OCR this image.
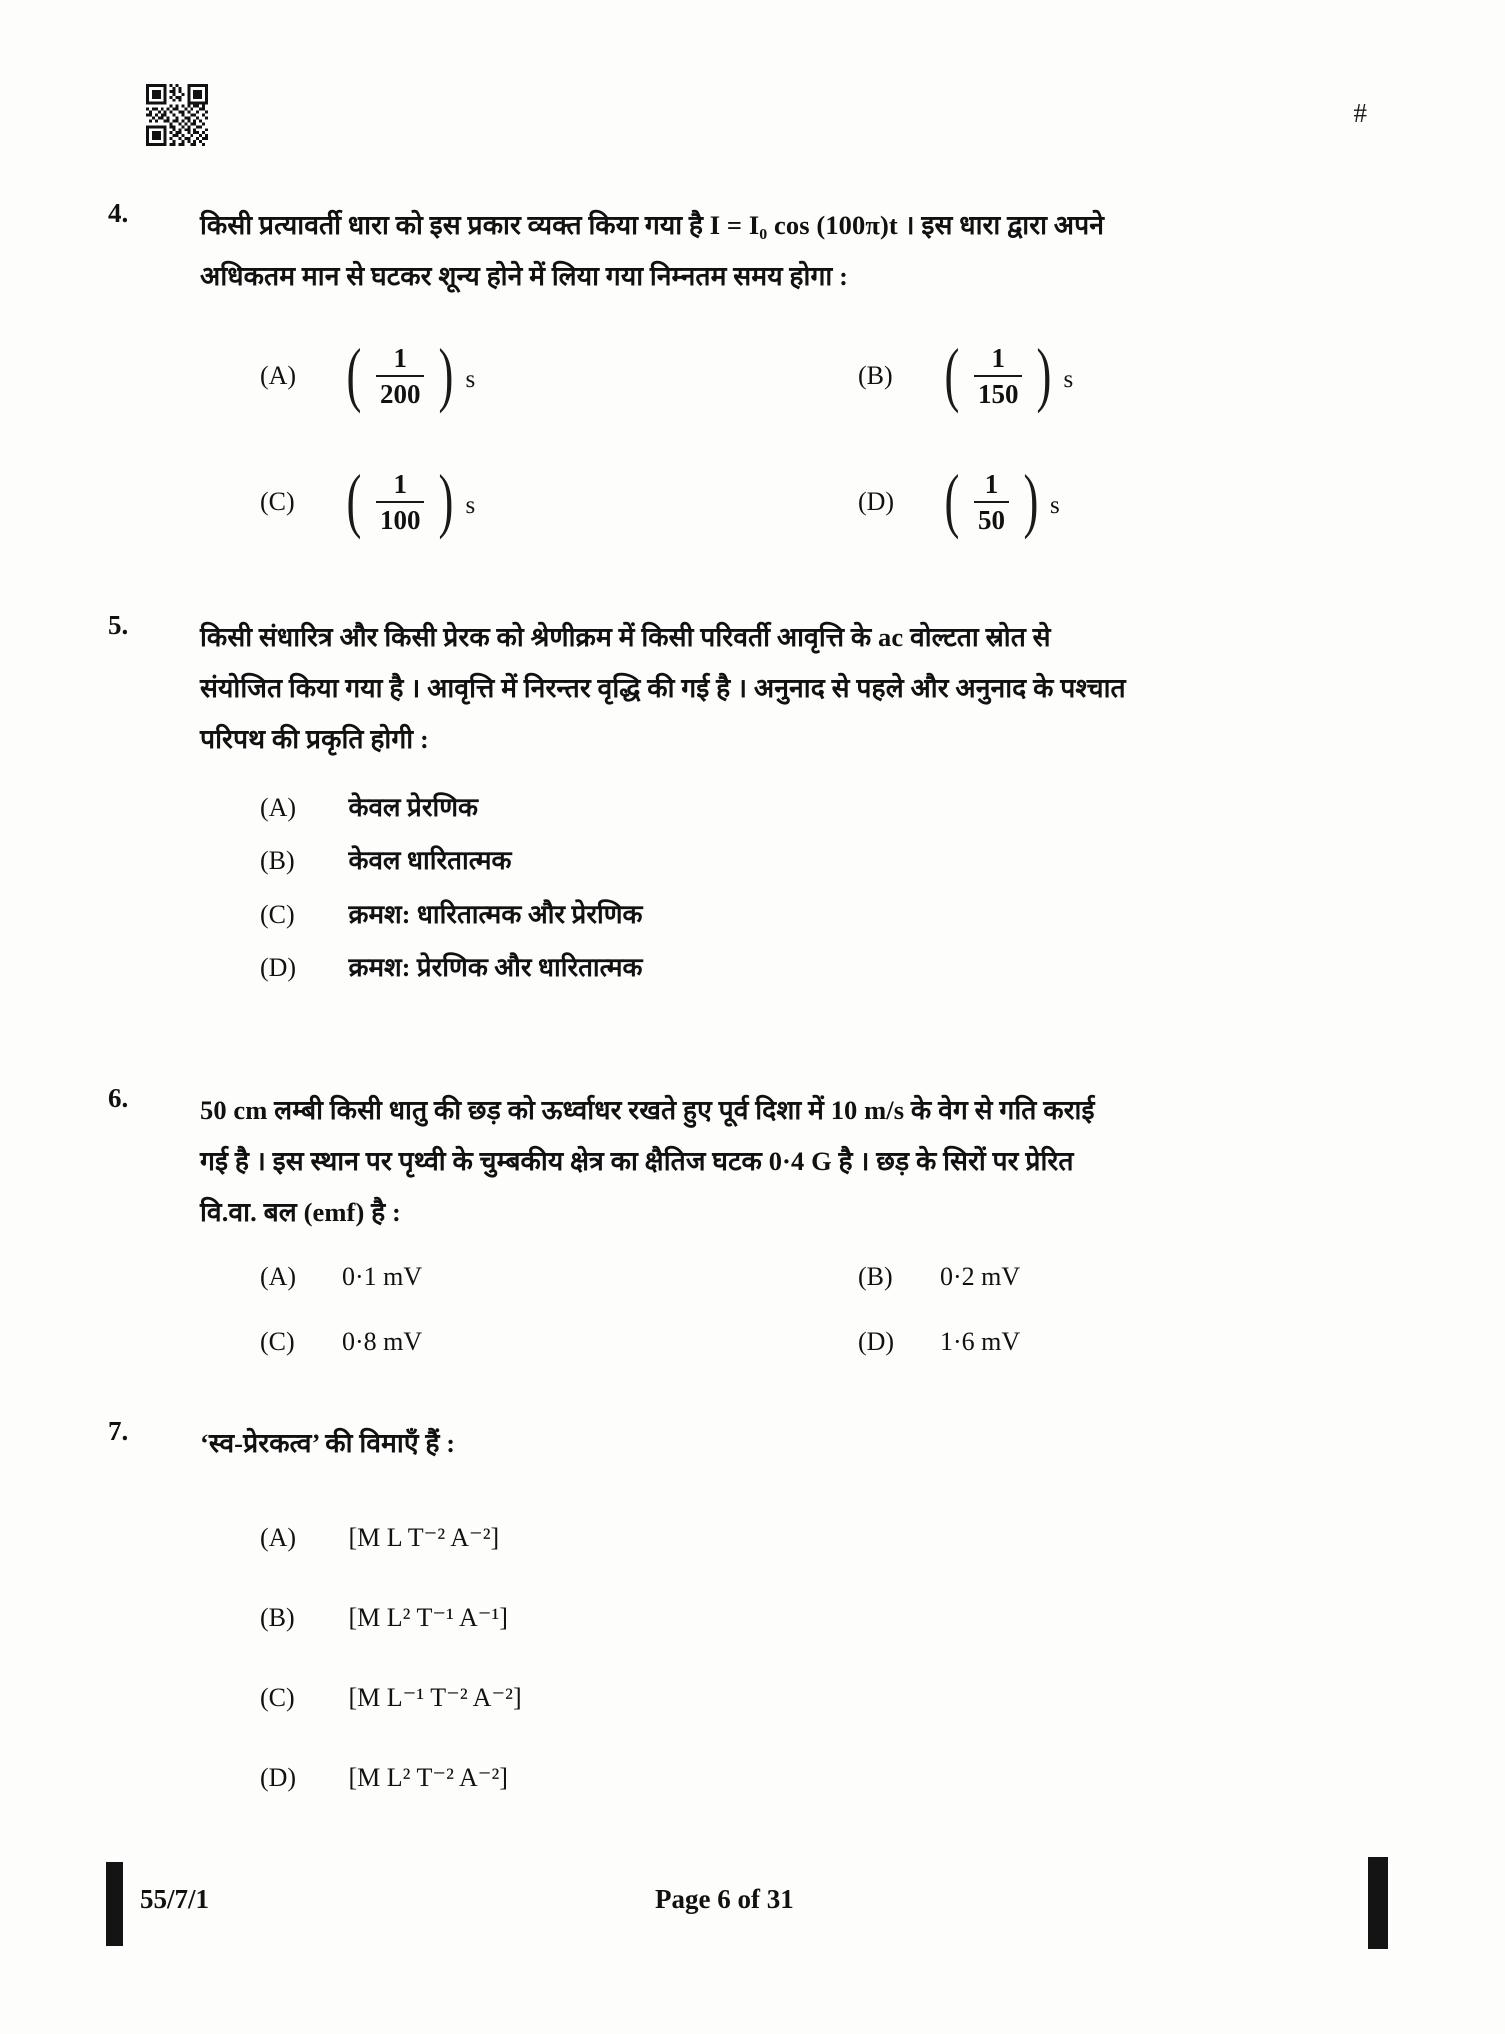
#
4.	किसी प्रत्यावर्ती धारा को इस प्रकार व्यक्त किया गया है I = I₀ cos (100π)t । इस धारा द्वारा अपने
अधिकतम मान से घटकर शून्य होने में लिया गया निम्नतम समय होगा :
(A) ( $\frac{1}{200}$ ) s	(B) ( $\frac{1}{150}$ ) s
(C) ( $\frac{1}{100}$ ) s	(D) ( $\frac{1}{50}$ ) s
5.	किसी संधारित्र और किसी प्रेरक को श्रेणीक्रम में किसी परिवर्ती आवृत्ति के ac वोल्टता स्रोत से
संयोजित किया गया है । आवृत्ति में निरन्तर वृद्धि की गई है । अनुनाद से पहले और अनुनाद के पश्चात
परिपथ की प्रकृति होगी :
(A) केवल प्रेरणिक
(B) केवल धारितात्मक
(C) क्रमश: धारितात्मक और प्रेरणिक
(D) क्रमश: प्रेरणिक और धारितात्मक
6.	50 cm लम्बी किसी धातु की छड़ को ऊर्ध्वाधर रखते हुए पूर्व दिशा में 10 m/s के वेग से गति कराई
गई है । इस स्थान पर पृथ्वी के चुम्बकीय क्षेत्र का क्षैतिज घटक 0·4 G है । छड़ के सिरों पर प्रेरित
वि.वा. बल (emf) है :
(A) 0·1 mV	(B) 0·2 mV
(C) 0·8 mV	(D) 1·6 mV
7.	‘स्व-प्रेरकत्व’ की विमाएँ हैं :
(A) [M L T⁻² A⁻²]
(B) [M L² T⁻¹ A⁻¹]
(C) [M L⁻¹ T⁻² A⁻²]
(D) [M L² T⁻² A⁻²]
55/7/1	Page 6 of 31
